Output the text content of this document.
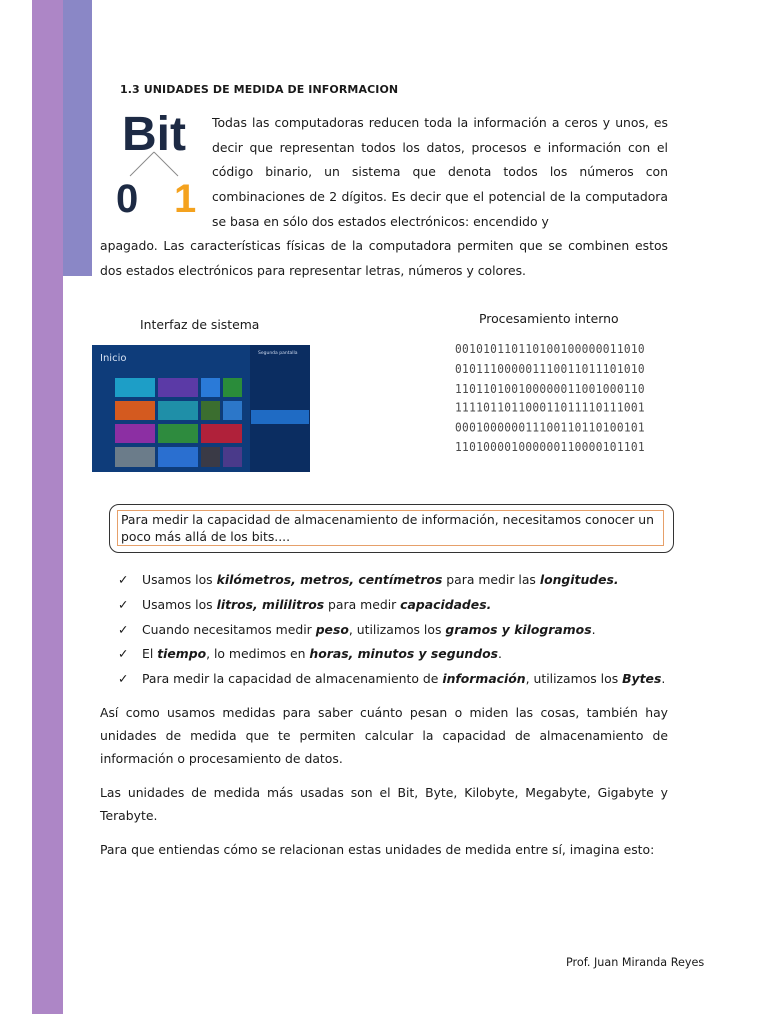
1.3 UNIDADES DE MEDIDA DE INFORMACION
Bit
0 1
Todas las computadoras reducen toda la información a ceros y unos, es decir que representan todos los datos, procesos e información con el código binario, un sistema que denota todos los números con combinaciones de 2 dígitos. Es decir que el potencial de la computadora se basa en sólo dos estados electrónicos: encendido y
apagado. Las características físicas de la computadora permiten que se combinen estos dos estados electrónicos para representar letras, números y colores.
Interfaz de sistema	Procesamiento interno
Inicio	Segunda pantalla	001010110110100100000011010
010111000001110011011101010
110110100100000011001000110
111101101100011011110111001
000100000011100110110100101
110100001000000110000101101
Para medir la capacidad de almacenamiento de información, necesitamos conocer un poco más allá de los bits....
✓ Usamos los kilómetros, metros, centímetros para medir las longitudes.
✓ Usamos los litros, mililitros para medir capacidades.
✓ Cuando necesitamos medir peso, utilizamos los gramos y kilogramos.
✓ El tiempo, lo medimos en horas, minutos y segundos.
✓ Para medir la capacidad de almacenamiento de información, utilizamos los Bytes.
Así como usamos medidas para saber cuánto pesan o miden las cosas, también hay unidades de medida que te permiten calcular la capacidad de almacenamiento de información o procesamiento de datos.
Las unidades de medida más usadas son el Bit, Byte, Kilobyte, Megabyte, Gigabyte y Terabyte.
Para que entiendas cómo se relacionan estas unidades de medida entre sí, imagina esto:
Prof. Juan Miranda Reyes
